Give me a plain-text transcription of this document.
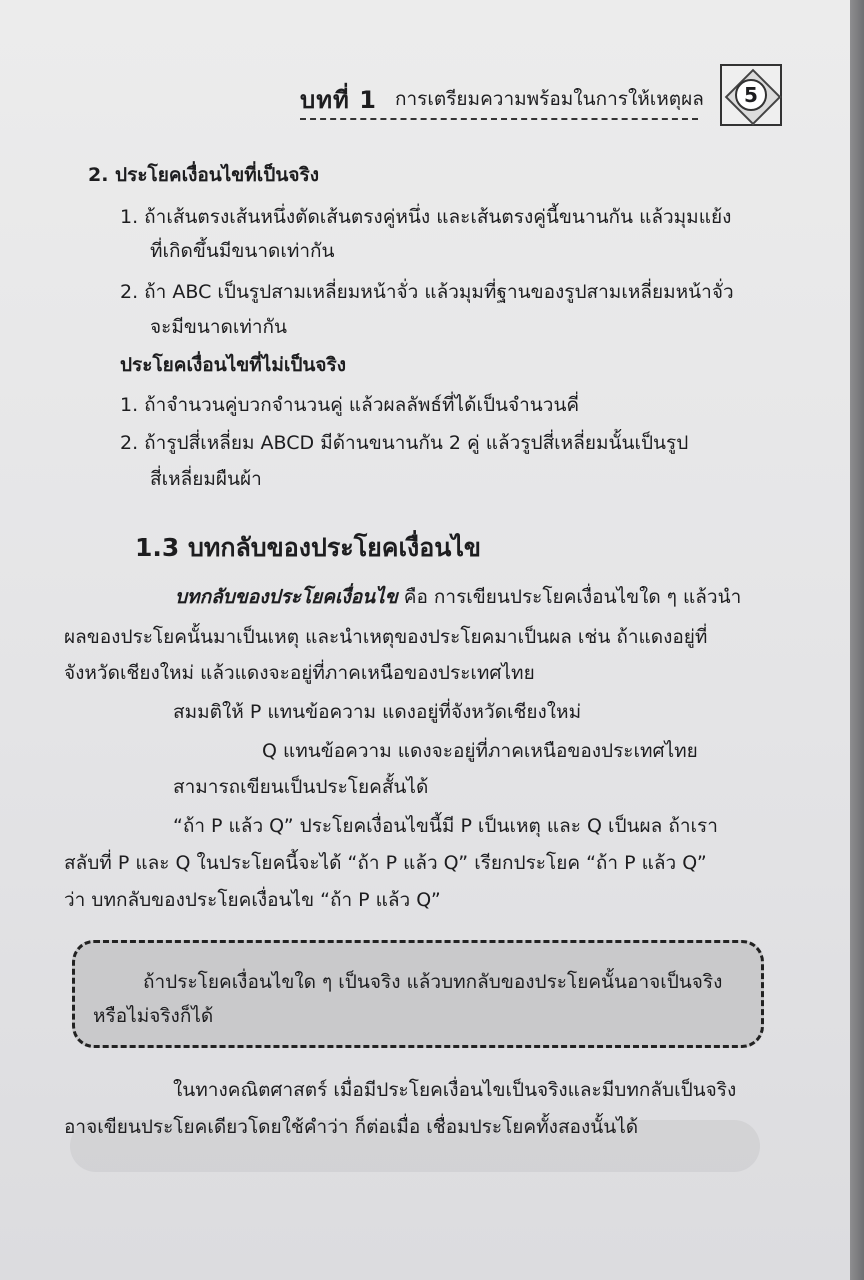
บทที่ 1 การเตรียมความพร้อมในการให้เหตุผล	5
2. ประโยคเงื่อนไขที่เป็นจริง
1. ถ้าเส้นตรงเส้นหนึ่งตัดเส้นตรงคู่หนึ่ง และเส้นตรงคู่นี้ขนานกัน แล้วมุมแย้ง
ที่เกิดขึ้นมีขนาดเท่ากัน
2. ถ้า ABC เป็นรูปสามเหลี่ยมหน้าจั่ว แล้วมุมที่ฐานของรูปสามเหลี่ยมหน้าจั่ว
จะมีขนาดเท่ากัน
ประโยคเงื่อนไขที่ไม่เป็นจริง
1. ถ้าจำนวนคู่บวกจำนวนคู่ แล้วผลลัพธ์ที่ได้เป็นจำนวนคี่
2. ถ้ารูปสี่เหลี่ยม ABCD มีด้านขนานกัน 2 คู่ แล้วรูปสี่เหลี่ยมนั้นเป็นรูป
สี่เหลี่ยมผืนผ้า
1.3 บทกลับของประโยคเงื่อนไข
บทกลับของประโยคเงื่อนไข คือ การเขียนประโยคเงื่อนไขใด ๆ แล้วนำ
ผลของประโยคนั้นมาเป็นเหตุ และนำเหตุของประโยคมาเป็นผล เช่น ถ้าแดงอยู่ที่
จังหวัดเชียงใหม่ แล้วแดงจะอยู่ที่ภาคเหนือของประเทศไทย
สมมติให้ P แทนข้อความ แดงอยู่ที่จังหวัดเชียงใหม่
Q แทนข้อความ แดงจะอยู่ที่ภาคเหนือของประเทศไทย
สามารถเขียนเป็นประโยคสั้นได้
“ถ้า P แล้ว Q” ประโยคเงื่อนไขนี้มี P เป็นเหตุ และ Q เป็นผล ถ้าเรา
สลับที่ P และ Q ในประโยคนี้จะได้ “ถ้า P แล้ว Q” เรียกประโยค “ถ้า P แล้ว Q”
ว่า บทกลับของประโยคเงื่อนไข “ถ้า P แล้ว Q”
ถ้าประโยคเงื่อนไขใด ๆ เป็นจริง แล้วบทกลับของประโยคนั้นอาจเป็นจริง
หรือไม่จริงก็ได้
ในทางคณิตศาสตร์ เมื่อมีประโยคเงื่อนไขเป็นจริงและมีบทกลับเป็นจริง
อาจเขียนประโยคเดียวโดยใช้คำว่า ก็ต่อเมื่อ เชื่อมประโยคทั้งสองนั้นได้
